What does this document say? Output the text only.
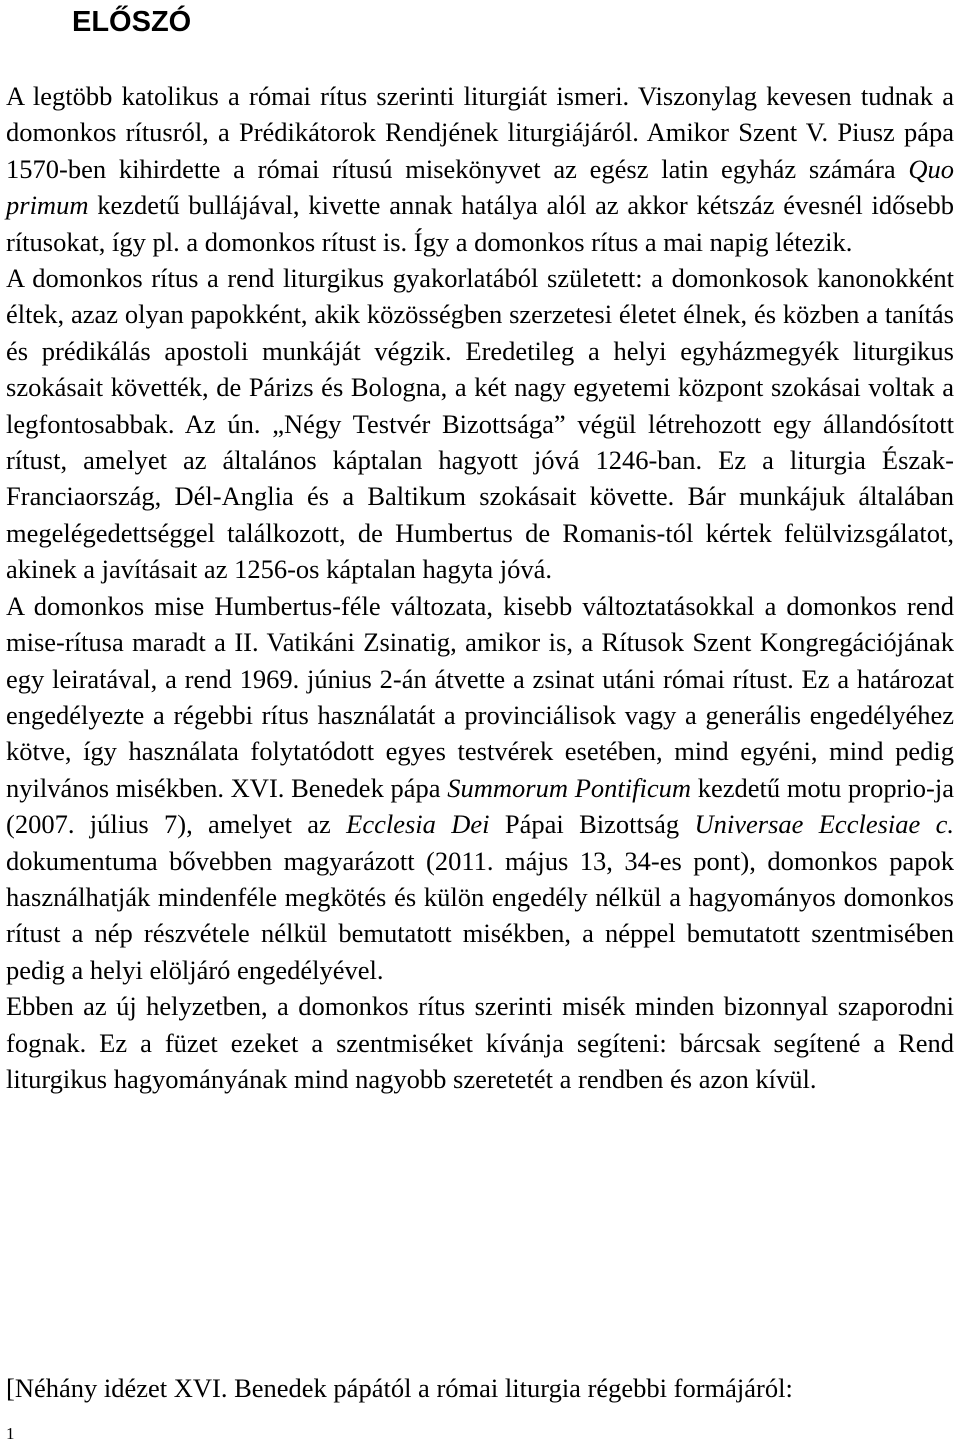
ELŐSZÓ

A legtöbb katolikus a római rítus szerinti liturgiát ismeri. Viszonylag kevesen tudnak a domonkos rítusról, a Prédikátorok Rendjének liturgiájáról. Amikor Szent V. Piusz pápa 1570-ben kihirdette a római rítusú misekönyvet az egész latin egyház számára Quo primum kezdetű bullájával, kivette annak hatálya alól az akkor kétszáz évesnél idősebb rítusokat, így pl. a domonkos rítust is. Így a domonkos rítus a mai napig létezik.

A domonkos rítus a rend liturgikus gyakorlatából született: a domonkosok kanonokként éltek, azaz olyan papokként, akik közösségben szerzetesi életet élnek, és közben a tanítás és prédikálás apostoli munkáját végzik. Eredetileg a helyi egyházmegyék liturgikus szokásait követték, de Párizs és Bologna, a két nagy egyetemi központ szokásai voltak a legfontosabbak. Az ún. „Négy Testvér Bizottsága” végül létrehozott egy állandósított rítust, amelyet az általános káptalan hagyott jóvá 1246-ban. Ez a liturgia Észak-Franciaország, Dél-Anglia és a Baltikum szokásait követte. Bár munkájuk általában megelégedettséggel találkozott, de Humbertus de Romanis-tól kértek felülvizsgálatot, akinek a javításait az 1256-os káptalan hagyta jóvá.

A domonkos mise Humbertus-féle változata, kisebb változtatásokkal a domonkos rend mise-rítusa maradt a II. Vatikáni Zsinatig, amikor is, a Rítusok Szent Kongregációjának egy leiratával, a rend 1969. június 2-án átvette a zsinat utáni római rítust. Ez a határozat engedélyezte a régebbi rítus használatát a provinciálisok vagy a generális engedélyéhez kötve, így használata folytatódott egyes testvérek esetében, mind egyéni, mind pedig nyilvános misékben. XVI. Benedek pápa Summorum Pontificum kezdetű motu proprio-ja (2007. július 7), amelyet az Ecclesia Dei Pápai Bizottság Universae Ecclesiae c. dokumentuma bővebben magyarázott (2011. május 13, 34-es pont), domonkos papok használhatják mindenféle megkötés és külön engedély nélkül a hagyományos domonkos rítust a nép részvétele nélkül bemutatott misékben, a néppel bemutatott szentmisében pedig a helyi elöljáró engedélyével.

Ebben az új helyzetben, a domonkos rítus szerinti misék minden bizonnyal szaporodni fognak. Ez a füzet ezeket a szentmiséket kívánja segíteni: bárcsak segítené a Rend liturgikus hagyományának mind nagyobb szeretetét a rendben és azon kívül.

[Néhány idézet XVI. Benedek pápától a római liturgia régebbi formájáról:

1
